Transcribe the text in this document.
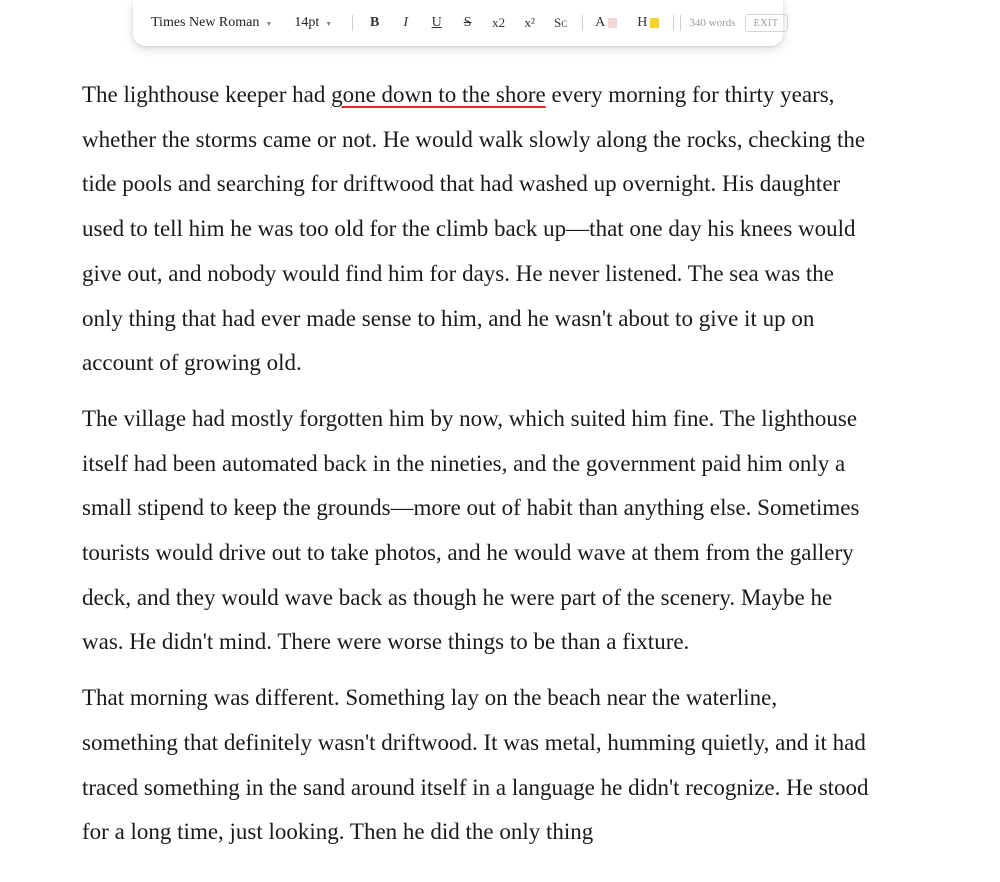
Times New Roman ▼ 14pt ▼	B	I	U	S	x2	x²	Sc	A H	340 words	EXIT

The lighthouse keeper had gone down to the shore every morning for thirty years, whether the storms came or not. He would walk slowly along the rocks, checking the tide pools and searching for driftwood that had washed up overnight. His daughter used to tell him he was too old for the climb back up—that one day his knees would give out, and nobody would find him for days. He never listened. The sea was the only thing that had ever made sense to him, and he wasn't about to give it up on account of growing old.

The village had mostly forgotten him by now, which suited him fine. The lighthouse itself had been automated back in the nineties, and the government paid him only a small stipend to keep the grounds—more out of habit than anything else. Sometimes tourists would drive out to take photos, and he would wave at them from the gallery deck, and they would wave back as though he were part of the scenery. Maybe he was. He didn't mind. There were worse things to be than a fixture.

That morning was different. Something lay on the beach near the waterline, something that definitely wasn't driftwood. It was metal, humming quietly, and it had traced something in the sand around itself in a language he didn't recognize. He stood for a long time, just looking. Then he did the only thing
